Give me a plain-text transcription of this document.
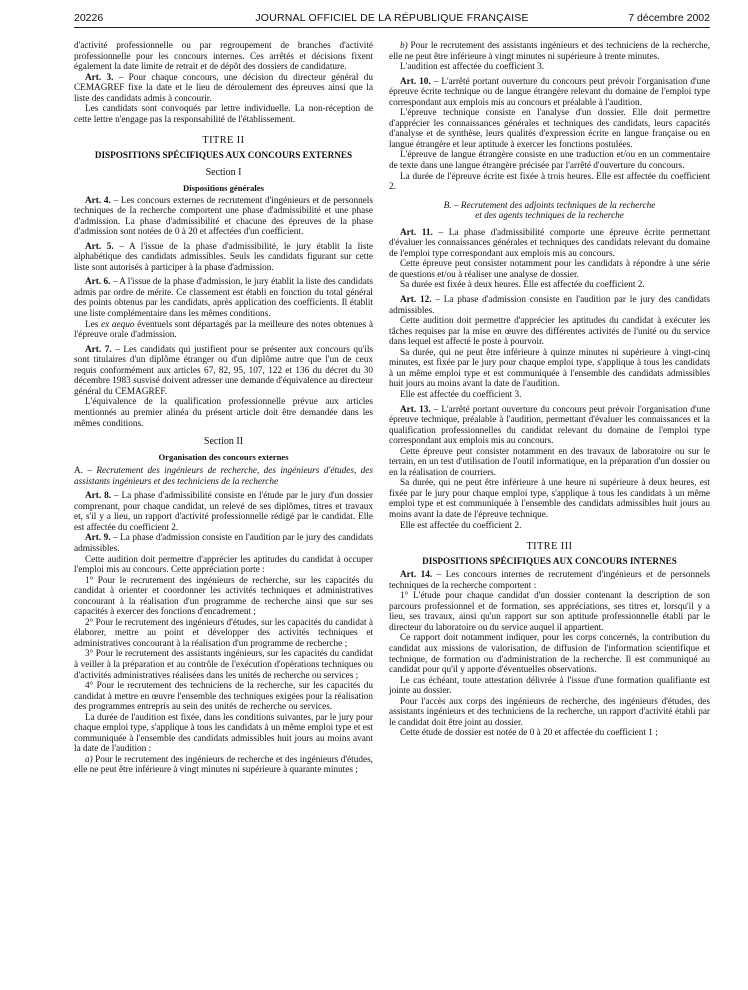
20226	JOURNAL OFFICIEL DE LA RÉPUBLIQUE FRANÇAISE	7 décembre 2002

d'activité professionnelle ou par regroupement de branches d'activité professionnelle pour les concours internes. Ces arrêtés et décisions fixent également la date limite de retrait et de dépôt des dossiers de candidature.

Art. 3. – Pour chaque concours, une décision du directeur général du CEMAGREF fixe la date et le lieu de déroulement des épreuves ainsi que la liste des candidats admis à concourir.

Les candidats sont convoqués par lettre individuelle. La non-réception de cette lettre n'engage pas la responsabilité de l'établissement.

TITRE II
DISPOSITIONS SPÉCIFIQUES AUX CONCOURS EXTERNES
Section I
Dispositions générales

Art. 4. – Les concours externes de recrutement d'ingénieurs et de personnels techniques de la recherche comportent une phase d'admissibilité et une phase d'admission. La phase d'admissibilité et chacune des épreuves de la phase d'admission sont notées de 0 à 20 et affectées d'un coefficient.

Art. 5. – A l'issue de la phase d'admissibilité, le jury établit la liste alphabétique des candidats admissibles. Seuls les candidats figurant sur cette liste sont autorisés à participer à la phase d'admission.

Art. 6. – A l'issue de la phase d'admission, le jury établit la liste des candidats admis par ordre de mérite. Ce classement est établi en fonction du total général des points obtenus par les candidats, après application des coefficients. Il établit une liste complémentaire dans les mêmes conditions.

Les ex aequo éventuels sont départagés par la meilleure des notes obtenues à l'épreuve orale d'admission.

Art. 7. – Les candidats qui justifient pour se présenter aux concours qu'ils sont titulaires d'un diplôme étranger ou d'un diplôme autre que l'un de ceux requis conformément aux articles 67, 82, 95, 107, 122 et 136 du décret du 30 décembre 1983 susvisé doivent adresser une demande d'équivalence au directeur général du CEMAGREF.

L'équivalence de la qualification professionnelle prévue aux articles mentionnés au premier alinéa du présent article doit être demandée dans les mêmes conditions.

Section II
Organisation des concours externes
A. – Recrutement des ingénieurs de recherche, des ingénieurs d'études, des assistants ingénieurs et des techniciens de la recherche

Art. 8. – La phase d'admissibilité consiste en l'étude par le jury d'un dossier comprenant, pour chaque candidat, un relevé de ses diplômes, titres et travaux et, s'il y a lieu, un rapport d'activité professionnelle rédigé par le candidat. Elle est affectée du coefficient 2.

Art. 9. – La phase d'admission consiste en l'audition par le jury des candidats admissibles.

Cette audition doit permettre d'apprécier les aptitudes du candidat à occuper l'emploi mis au concours. Cette appréciation porte :

1° Pour le recrutement des ingénieurs de recherche, sur les capacités du candidat à orienter et coordonner les activités techniques et administratives concourant à la réalisation d'un programme de recherche ainsi que sur ses capacités à exercer des fonctions d'encadrement ;

2° Pour le recrutement des ingénieurs d'études, sur les capacités du candidat à élaborer, mettre au point et développer des activités techniques et administratives concourant à la réalisation d'un programme de recherche ;

3° Pour le recrutement des assistants ingénieurs, sur les capacités du candidat à veiller à la préparation et au contrôle de l'exécution d'opérations techniques ou d'activités administratives réalisées dans les unités de recherche ou services ;

4° Pour le recrutement des techniciens de la recherche, sur les capacités du candidat à mettre en œuvre l'ensemble des techniques exigées pour la réalisation des programmes entrepris au sein des unités de recherche ou services.

La durée de l'audition est fixée, dans les conditions suivantes, par le jury pour chaque emploi type, s'applique à tous les candidats à un même emploi type et est communiquée à l'ensemble des candidats admissibles huit jours au moins avant la date de l'audition :

a) Pour le recrutement des ingénieurs de recherche et des ingénieurs d'études, elle ne peut être inférieure à vingt minutes ni supérieure à quarante minutes ;

b) Pour le recrutement des assistants ingénieurs et des techniciens de la recherche, elle ne peut être inférieure à vingt minutes ni supérieure à trente minutes.

L'audition est affectée du coefficient 3.

Art. 10. – L'arrêté portant ouverture du concours peut prévoir l'organisation d'une épreuve écrite technique ou de langue étrangère relevant du domaine de l'emploi type correspondant aux emplois mis au concours et préalable à l'audition.

L'épreuve technique consiste en l'analyse d'un dossier. Elle doit permettre d'apprécier les connaissances générales et techniques des candidats, leurs capacités d'analyse et de synthèse, leurs qualités d'expression écrite en langue française ou en langue étrangère et leur aptitude à exercer les fonctions postulées.

L'épreuve de langue étrangère consiste en une traduction et/ou en un commentaire de texte dans une langue étrangère précisée par l'arrêté d'ouverture du concours.

La durée de l'épreuve écrite est fixée à trois heures. Elle est affectée du coefficient 2.

B. – Recrutement des adjoints techniques de la recherche
et des agents techniques de la recherche

Art. 11. – La phase d'admissibilité comporte une épreuve écrite permettant d'évaluer les connaissances générales et techniques des candidats relevant du domaine de l'emploi type correspondant aux emplois mis au concours.

Cette épreuve peut consister notamment pour les candidats à répondre à une série de questions et/ou à réaliser une analyse de dossier.

Sa durée est fixée à deux heures. Elle est affectée du coefficient 2.

Art. 12. – La phase d'admission consiste en l'audition par le jury des candidats admissibles.

Cette audition doit permettre d'apprécier les aptitudes du candidat à exécuter les tâches requises par la mise en œuvre des différentes activités de l'unité ou du service dans lequel est affecté le poste à pourvoir.

Sa durée, qui ne peut être inférieure à quinze minutes ni supérieure à vingt-cinq minutes, est fixée par le jury pour chaque emploi type, s'applique à tous les candidats à un même emploi type et est communiquée à l'ensemble des candidats admissibles huit jours au moins avant la date de l'audition.

Elle est affectée du coefficient 3.

Art. 13. – L'arrêté portant ouverture du concours peut prévoir l'organisation d'une épreuve technique, préalable à l'audition, permettant d'évaluer les connaissances et la qualification professionnelles du candidat relevant du domaine de l'emploi type correspondant aux emplois mis au concours.

Cette épreuve peut consister notamment en des travaux de laboratoire ou sur le terrain, en un test d'utilisation de l'outil informatique, en la préparation d'un dossier ou en la réalisation de courriers.

Sa durée, qui ne peut être inférieure à une heure ni supérieure à deux heures, est fixée par le jury pour chaque emploi type, s'applique à tous les candidats à un même emploi type et est communiquée à l'ensemble des candidats admissibles huit jours au moins avant la date de l'épreuve technique.

Elle est affectée du coefficient 2.

TITRE III
DISPOSITIONS SPÉCIFIQUES AUX CONCOURS INTERNES

Art. 14. – Les concours internes de recrutement d'ingénieurs et de personnels techniques de la recherche comportent :

1° L'étude pour chaque candidat d'un dossier contenant la description de son parcours professionnel et de formation, ses appréciations, ses titres et, lorsqu'il y a lieu, ses travaux, ainsi qu'un rapport sur son aptitude professionnelle établi par le directeur du laboratoire ou du service auquel il appartient.

Ce rapport doit notamment indiquer, pour les corps concernés, la contribution du candidat aux missions de valorisation, de diffusion de l'information scientifique et technique, de formation ou d'administration de la recherche. Il est communiqué au candidat pour qu'il y apporte d'éventuelles observations.

Le cas échéant, toute attestation délivrée à l'issue d'une formation qualifiante est jointe au dossier.

Pour l'accès aux corps des ingénieurs de recherche, des ingénieurs d'études, des assistants ingénieurs et des techniciens de la recherche, un rapport d'activité établi par le candidat doit être joint au dossier.

Cette étude de dossier est notée de 0 à 20 et affectée du coefficient 1 ;
